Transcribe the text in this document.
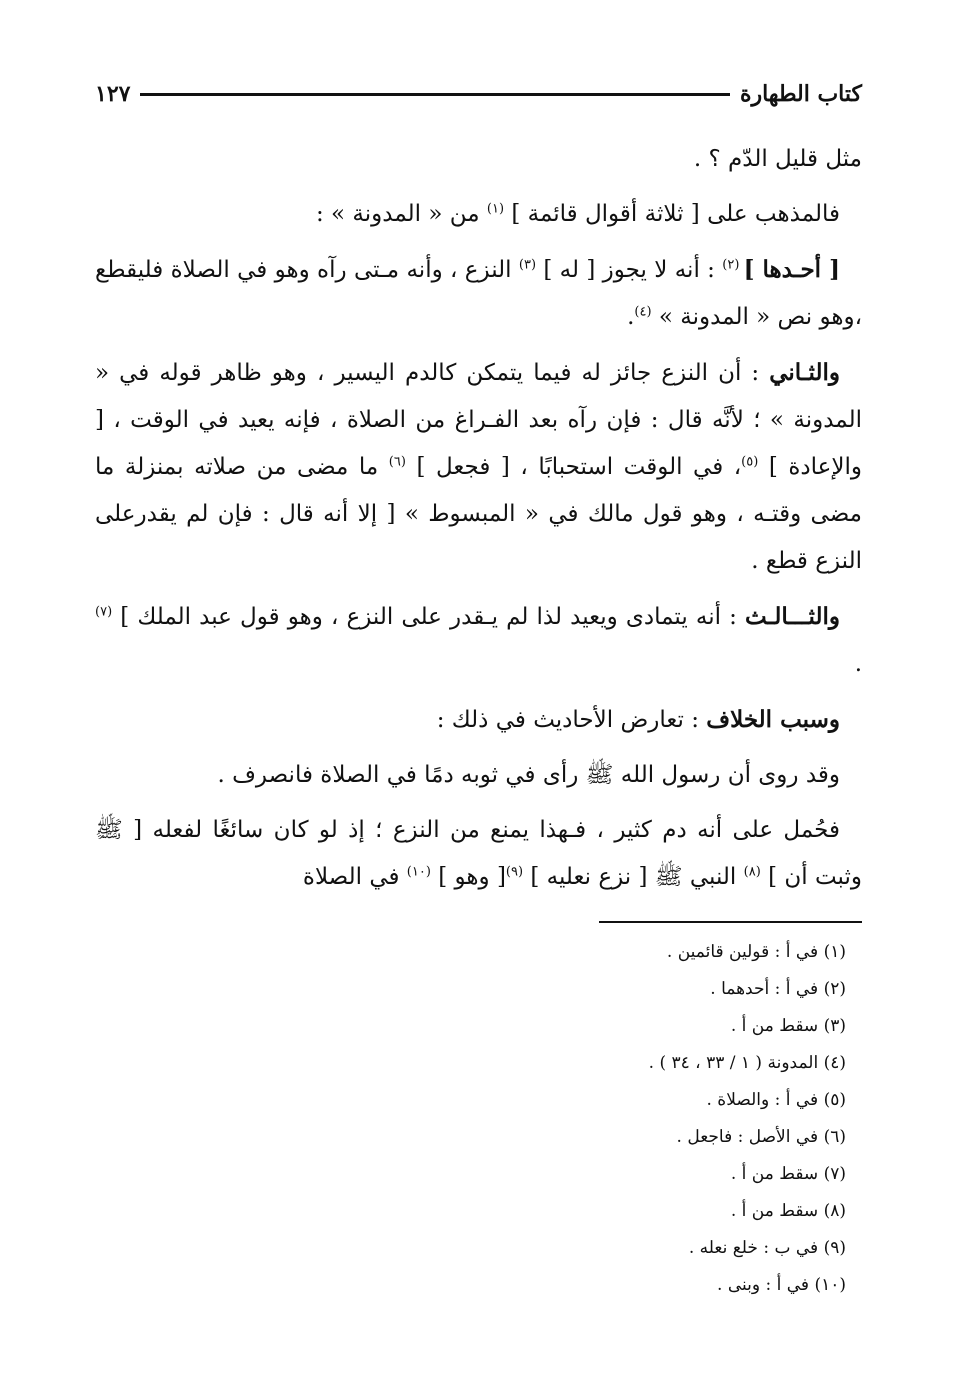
كتاب الطهارة
١٢٧

مثل قليل الدّم ؟ .

فالمذهب على [ ثلاثة أقوال قائمة ] $^{(١)}$ من « المدونة » :

[ أحـدها ] $^{(٢)}$ : أنه لا يجوز [ له ] $^{(٣)}$ النزع ، وأنه مـتى رآه وهو في الصلاة فليقطع ،وهو نص « المدونة » $^{(٤)}$.

والثـاني : أن النزع جائز له فيما يتمكن كالدم اليسير ، وهو ظاهر قوله في « المدونة » ؛ لأنَّه قال : فإن رآه بعد الفـراغ من الصلاة ، فإنه يعيد في الوقت ، [ والإعادة ] $^{(٥)}$، في الوقت استحبابًا ، [ فجعل ] $^{(٦)}$ ما مضى من صلاته بمنزلة ما مضى وقتـه ، وهو قول مالك في « المبسوط » [ إلا أنه قال : فإن لم يقدرعلى النزع قطع .

والثـــالـث : أنه يتمادى ويعيد لذا لم يـقدر على النزع ، وهو قول عبد الملك ] $^{(٧)}$ .

وسبب الخلاف : تعارض الأحاديث في ذلك :

وقد روى أن رسول الله ﷺ رأى في ثوبه دمًا في الصلاة فانصرف .

فحُمل على أنه دم كثير ، فـهذا يمنع من النزع ؛ إذ لو كان سائغًا لفعله [ ﷺ وثبت أن ] $^{(٨)}$ النبي ﷺ [ نزع نعليه ] $^{(٩)}$[ وهو ] $^{(١٠)}$ في الصلاة

(١) في أ : قولين قائمين .
(٢) في أ : أحدهما .
(٣) سقط من أ .
(٤) المدونة ( ١ / ٣٣ ، ٣٤ ) .
(٥) في أ : والصلاة .
(٦) في الأصل : فاجعل .
(٧) سقط من أ .
(٨) سقط من أ .
(٩) في ب : خلع نعله .
(١٠) في أ : وبنى .
